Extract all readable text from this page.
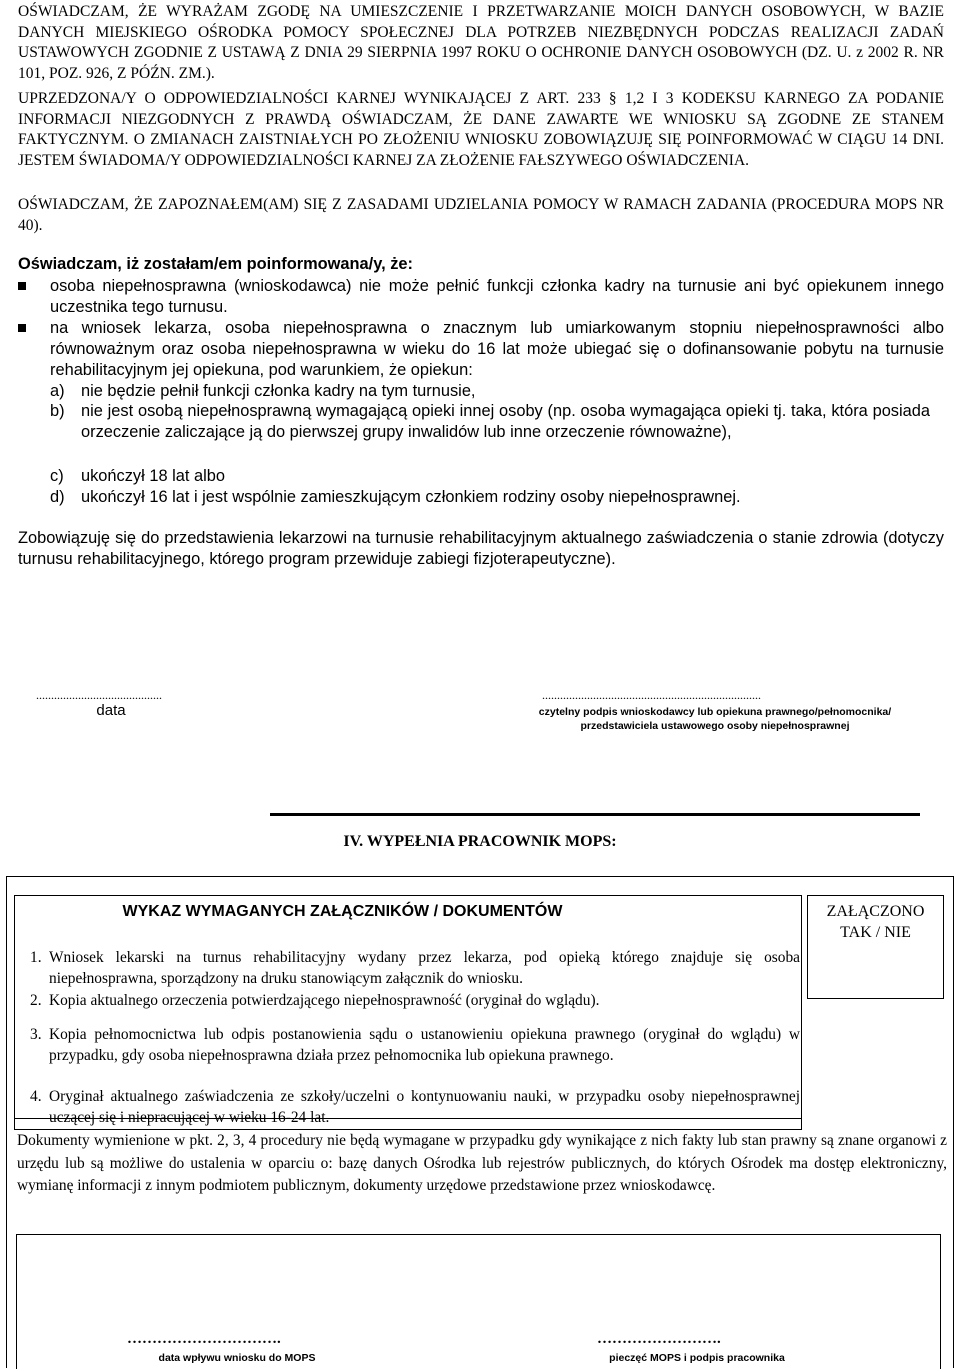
OŚWIADCZAM, ŻE WYRAŻAM ZGODĘ NA UMIESZCZENIE I PRZETWARZANIE MOICH DANYCH OSOBOWYCH, W BAZIE DANYCH MIEJSKIEGO OŚRODKA POMOCY SPOŁECZNEJ DLA POTRZEB NIEZBĘDNYCH PODCZAS REALIZACJI ZADAŃ USTAWOWYCH ZGODNIE Z USTAWĄ Z DNIA 29 SIERPNIA 1997 ROKU O OCHRONIE DANYCH OSOBOWYCH (DZ. U. z 2002 R. NR 101, POZ. 926, Z PÓŹN. ZM.).

UPRZEDZONA/Y O ODPOWIEDZIALNOŚCI KARNEJ WYNIKAJĄCEJ Z ART. 233 § 1,2 I 3 KODEKSU KARNEGO ZA PODANIE INFORMACJI NIEZGODNYCH Z PRAWDĄ OŚWIADCZAM, ŻE DANE ZAWARTE WE WNIOSKU SĄ ZGODNE ZE STANEM FAKTYCZNYM. O ZMIANACH ZAISTNIAŁYCH PO ZŁOŻENIU WNIOSKU ZOBOWIĄZUJĘ SIĘ POINFORMOWAĆ W CIĄGU 14 DNI. JESTEM ŚWIADOMA/Y ODPOWIEDZIALNOŚCI KARNEJ ZA ZŁOŻENIE FAŁSZYWEGO OŚWIADCZENIA.

OŚWIADCZAM, ŻE ZAPOZNAŁEM(AM) SIĘ Z ZASADAMI UDZIELANIA POMOCY W RAMACH ZADANIA (PROCEDURA MOPS NR 40).

Oświadczam, iż zostałam/em poinformowana/y, że:

osoba niepełnosprawna (wnioskodawca) nie może pełnić funkcji członka kadry na turnusie ani być opiekunem innego uczestnika tego turnusu.
na wniosek lekarza, osoba niepełnosprawna o znacznym lub umiarkowanym stopniu niepełnosprawności albo równoważnym oraz osoba niepełnosprawna w wieku do 16 lat może ubiegać się o dofinansowanie pobytu na turnusie rehabilitacyjnym jej opiekuna, pod warunkiem, że opiekun:
a) nie będzie pełnił funkcji członka kadry na tym turnusie,
b) nie jest osobą niepełnosprawną wymagającą opieki innej osoby (np. osoba wymagająca opieki tj. taka, która posiada orzeczenie zaliczające ją do pierwszej grupy inwalidów lub inne orzeczenie równoważne),
c) ukończył 18 lat albo
d) ukończył 16 lat i jest wspólnie zamieszkującym członkiem rodziny osoby niepełnosprawnej.

Zobowiązuję się do przedstawienia lekarzowi na turnusie rehabilitacyjnym aktualnego zaświadczenia o stanie zdrowia (dotyczy turnusu rehabilitacyjnego, którego program przewiduje zabiegi fizjoterapeutyczne).

..........................................
data
.........................................................................
czytelny podpis wnioskodawcy lub opiekuna prawnego/pełnomocnika/
przedstawiciela ustawowego osoby niepełnosprawnej
IV. WYPEŁNIA PRACOWNIK MOPS:
WYKAZ WYMAGANYCH ZAŁĄCZNIKÓW / DOKUMENTÓW
1. Wniosek lekarski na turnus rehabilitacyjny wydany przez lekarza, pod opieką którego znajduje się osoba niepełnosprawna, sporządzony na druku stanowiącym załącznik do wniosku.
2. Kopia aktualnego orzeczenia potwierdzającego niepełnosprawność (oryginał do wglądu).
3. Kopia pełnomocnictwa lub odpis postanowienia sądu o ustanowieniu opiekuna prawnego (oryginał do wglądu) w przypadku, gdy osoba niepełnosprawna działa przez pełnomocnika lub opiekuna prawnego.
4. Oryginał aktualnego zaświadczenia ze szkoły/uczelni o kontynuowaniu nauki, w przypadku osoby niepełnosprawnej uczącej się i niepracującej w wieku 16-24 lat.
ZAŁĄCZONO
TAK / NIE

Dokumenty wymienione w pkt. 2, 3, 4 procedury nie będą wymagane w przypadku gdy wynikające z nich fakty lub stan prawny są znane organowi z urzędu lub są możliwe do ustalenia w oparciu o: bazę danych Ośrodka lub rejestrów publicznych, do których Ośrodek ma dostęp elektroniczny, wymianę informacji z innym podmiotem publicznym, dokumenty urzędowe przedstawione przez wnioskodawcę.

………………………….
data wpływu wniosku do MOPS
…………………….
pieczęć MOPS i podpis pracownika
